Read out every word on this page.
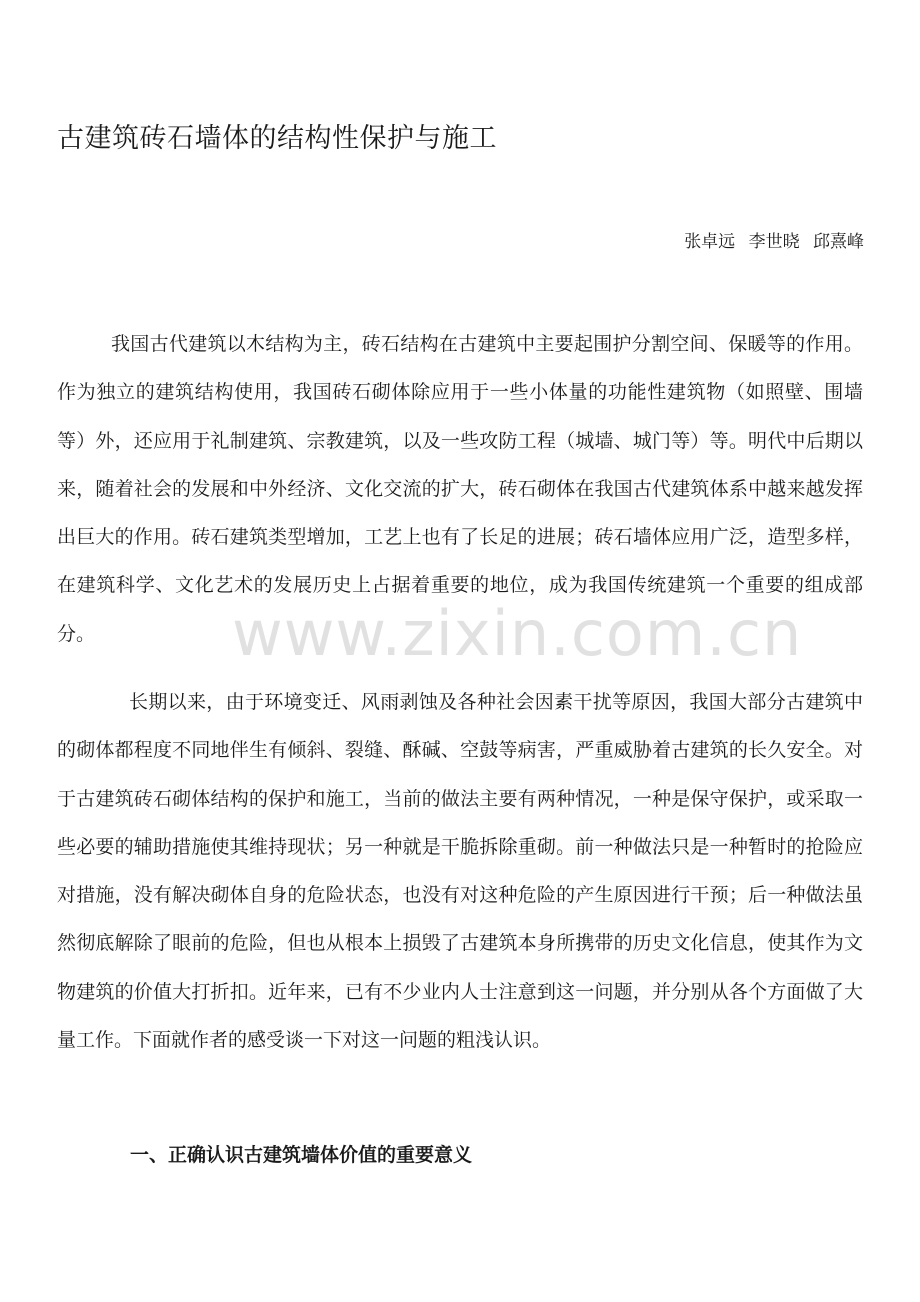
古建筑砖石墙体的结构性保护与施工
张卓远 李世晓 邱熹峰

我国古代建筑以木结构为主，砖石结构在古建筑中主要起围护分割空间、保暖等的作用。作为独立的建筑结构使用，我国砖石砌体除应用于一些小体量的功能性建筑物（如照壁、围墙等）外，还应用于礼制建筑、宗教建筑，以及一些攻防工程（城墙、城门等）等。明代中后期以来，随着社会的发展和中外经济、文化交流的扩大，砖石砌体在我国古代建筑体系中越来越发挥出巨大的作用。砖石建筑类型增加，工艺上也有了长足的进展；砖石墙体应用广泛，造型多样，在建筑科学、文化艺术的发展历史上占据着重要的地位，成为我国传统建筑一个重要的组成部分。	www.zixin.com.cn

长期以来，由于环境变迁、风雨剥蚀及各种社会因素干扰等原因，我国大部分古建筑中的砌体都程度不同地伴生有倾斜、裂缝、酥碱、空鼓等病害，严重威胁着古建筑的长久安全。对于古建筑砖石砌体结构的保护和施工，当前的做法主要有两种情况，一种是保守保护，或采取一些必要的辅助措施使其维持现状；另一种就是干脆拆除重砌。前一种做法只是一种暂时的抢险应对措施，没有解决砌体自身的危险状态，也没有对这种危险的产生原因进行干预；后一种做法虽然彻底解除了眼前的危险，但也从根本上损毁了古建筑本身所携带的历史文化信息，使其作为文物建筑的价值大打折扣。近年来，已有不少业内人士注意到这一问题，并分别从各个方面做了大量工作。下面就作者的感受谈一下对这一问题的粗浅认识。

一、正确认识古建筑墙体价值的重要意义
